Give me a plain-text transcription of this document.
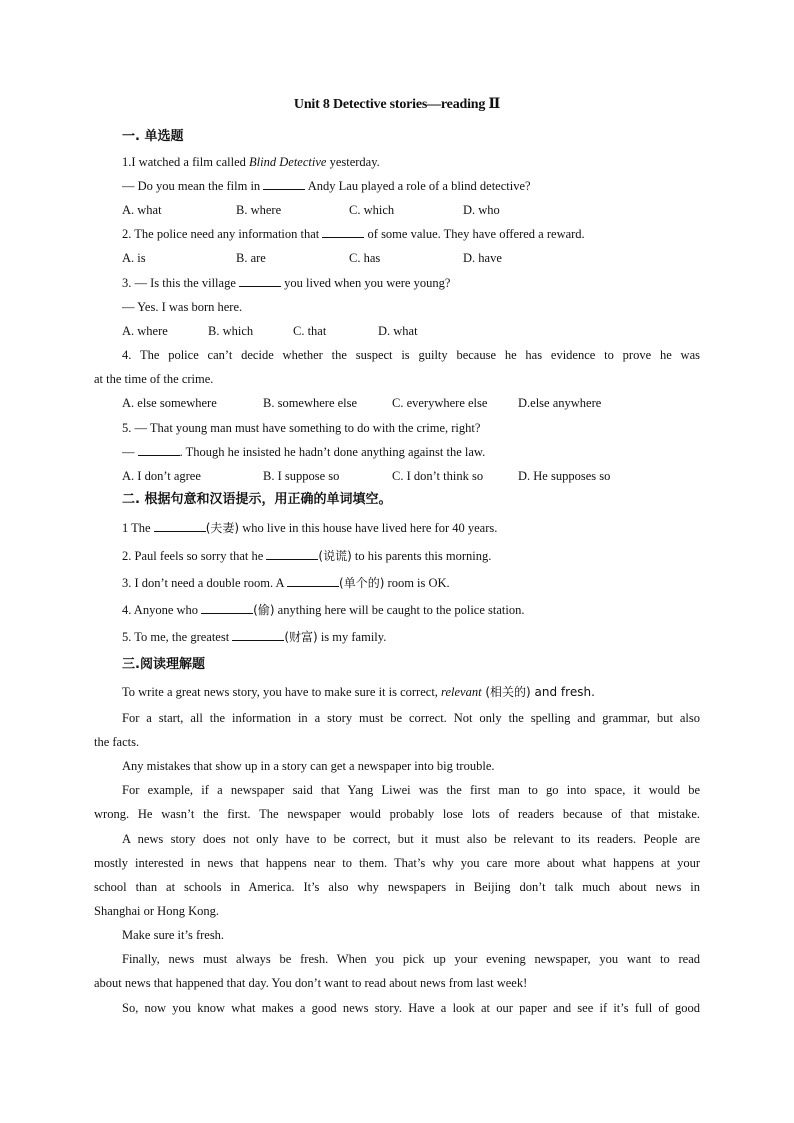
Unit 8 Detective stories—reading Ⅱ
一. 单选题
1.I watched a film called Blind Detective yesterday.
— Do you mean the film in	Andy Lau played a role of a blind detective?
A. what	B. where	C. which	D. who
2. The police need any information that	of some value. They have offered a reward.
A. is	B. are	C. has	D. have
3. — Is this the village	you lived when you were young?
— Yes. I was born here.
A. where	B. which	C. that	D. what
4. The police can’t decide whether the suspect is guilty because he has evidence to prove he was
at the time of the crime.
A. else somewhere	B. somewhere else	C. everywhere else D.else anywhere
5. — That young man must have something to do with the crime, right?
—	. Though he insisted he hadn’t done anything against the law.
A. I don’t agree	B. I suppose so	C. I don’t think so	D. He supposes so
二. 根据句意和汉语提示，用正确的单词填空。
1 The	(夫妻) who live in this house have lived here for 40 years.
2. Paul feels so sorry that he	(说谎) to his parents this morning.
3. I don’t need a double room. A	(单个的) room is OK.
4. Anyone who	(偷) anything here will be caught to the police station.
5. To me, the greatest	(财富) is my family.
三.阅读理解题
To write a great news story, you have to make sure it is correct, relevant (相关的) and fresh.
For a start, all the information in a story must be correct. Not only the spelling and grammar, but also
the facts.
Any mistakes that show up in a story can get a newspaper into big trouble.
For example, if a newspaper said that Yang Liwei was the first man to go into space, it would be
wrong. He wasn’t the first. The newspaper would probably lose lots of readers because of that mistake.
A news story does not only have to be correct, but it must also be relevant to its readers. People are
mostly interested in news that happens near to them. That’s why you care more about what happens at your
school than at schools in America. It’s also why newspapers in Beijing don’t talk much about news in
Shanghai or Hong Kong.
Make sure it’s fresh.
Finally, news must always be fresh. When you pick up your evening newspaper, you want to read
about news that happened that day. You don’t want to read about news from last week!
So, now you know what makes a good news story. Have a look at our paper and see if it’s full of good
